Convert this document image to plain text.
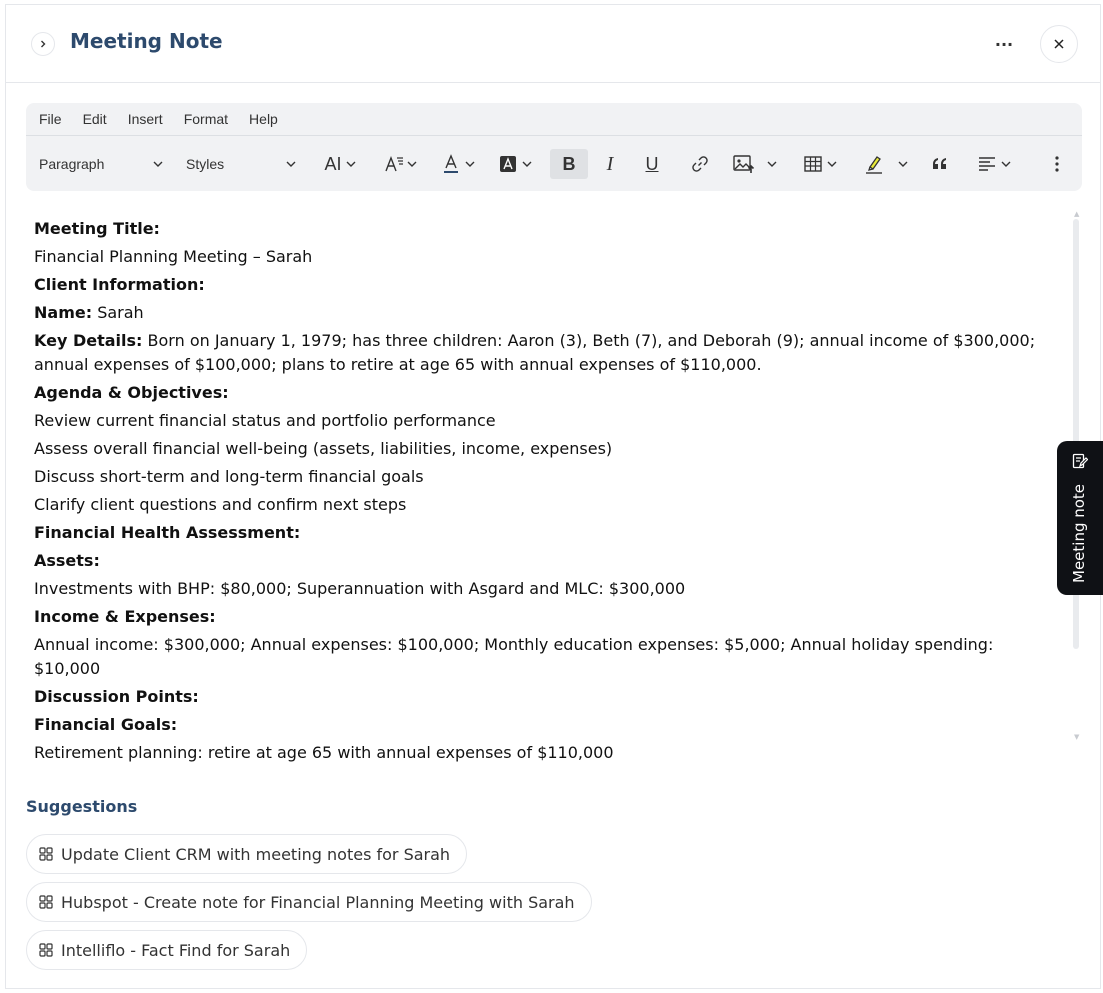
Meeting Note	···
File Edit Insert Format Help
Paragraph	Styles	AI	B I U

Meeting Title:

Financial Planning Meeting – Sarah

Client Information:

Name: Sarah

Key Details: Born on January 1, 1979; has three children: Aaron (3), Beth (7), and Deborah (9); annual income of $300,000; annual expenses of $100,000; plans to retire at age 65 with annual expenses of $110,000.

Agenda & Objectives:

Review current financial status and portfolio performance

Assess overall financial well-being (assets, liabilities, income, expenses)

Discuss short-term and long-term financial goals

Clarify client questions and confirm next steps

Financial Health Assessment:

Assets:

Investments with BHP: $80,000; Superannuation with Asgard and MLC: $300,000

Income & Expenses:

Annual income: $300,000; Annual expenses: $100,000; Monthly education expenses: $5,000; Annual holiday spending: $10,000

Discussion Points:

Financial Goals:

Retirement planning: retire at age 65 with annual expenses of $110,000

▲
▼
Suggestions
Update Client CRM with meeting notes for Sarah
Hubspot - Create note for Financial Planning Meeting with Sarah
Intelliflo - Fact Find for Sarah
Meeting note
